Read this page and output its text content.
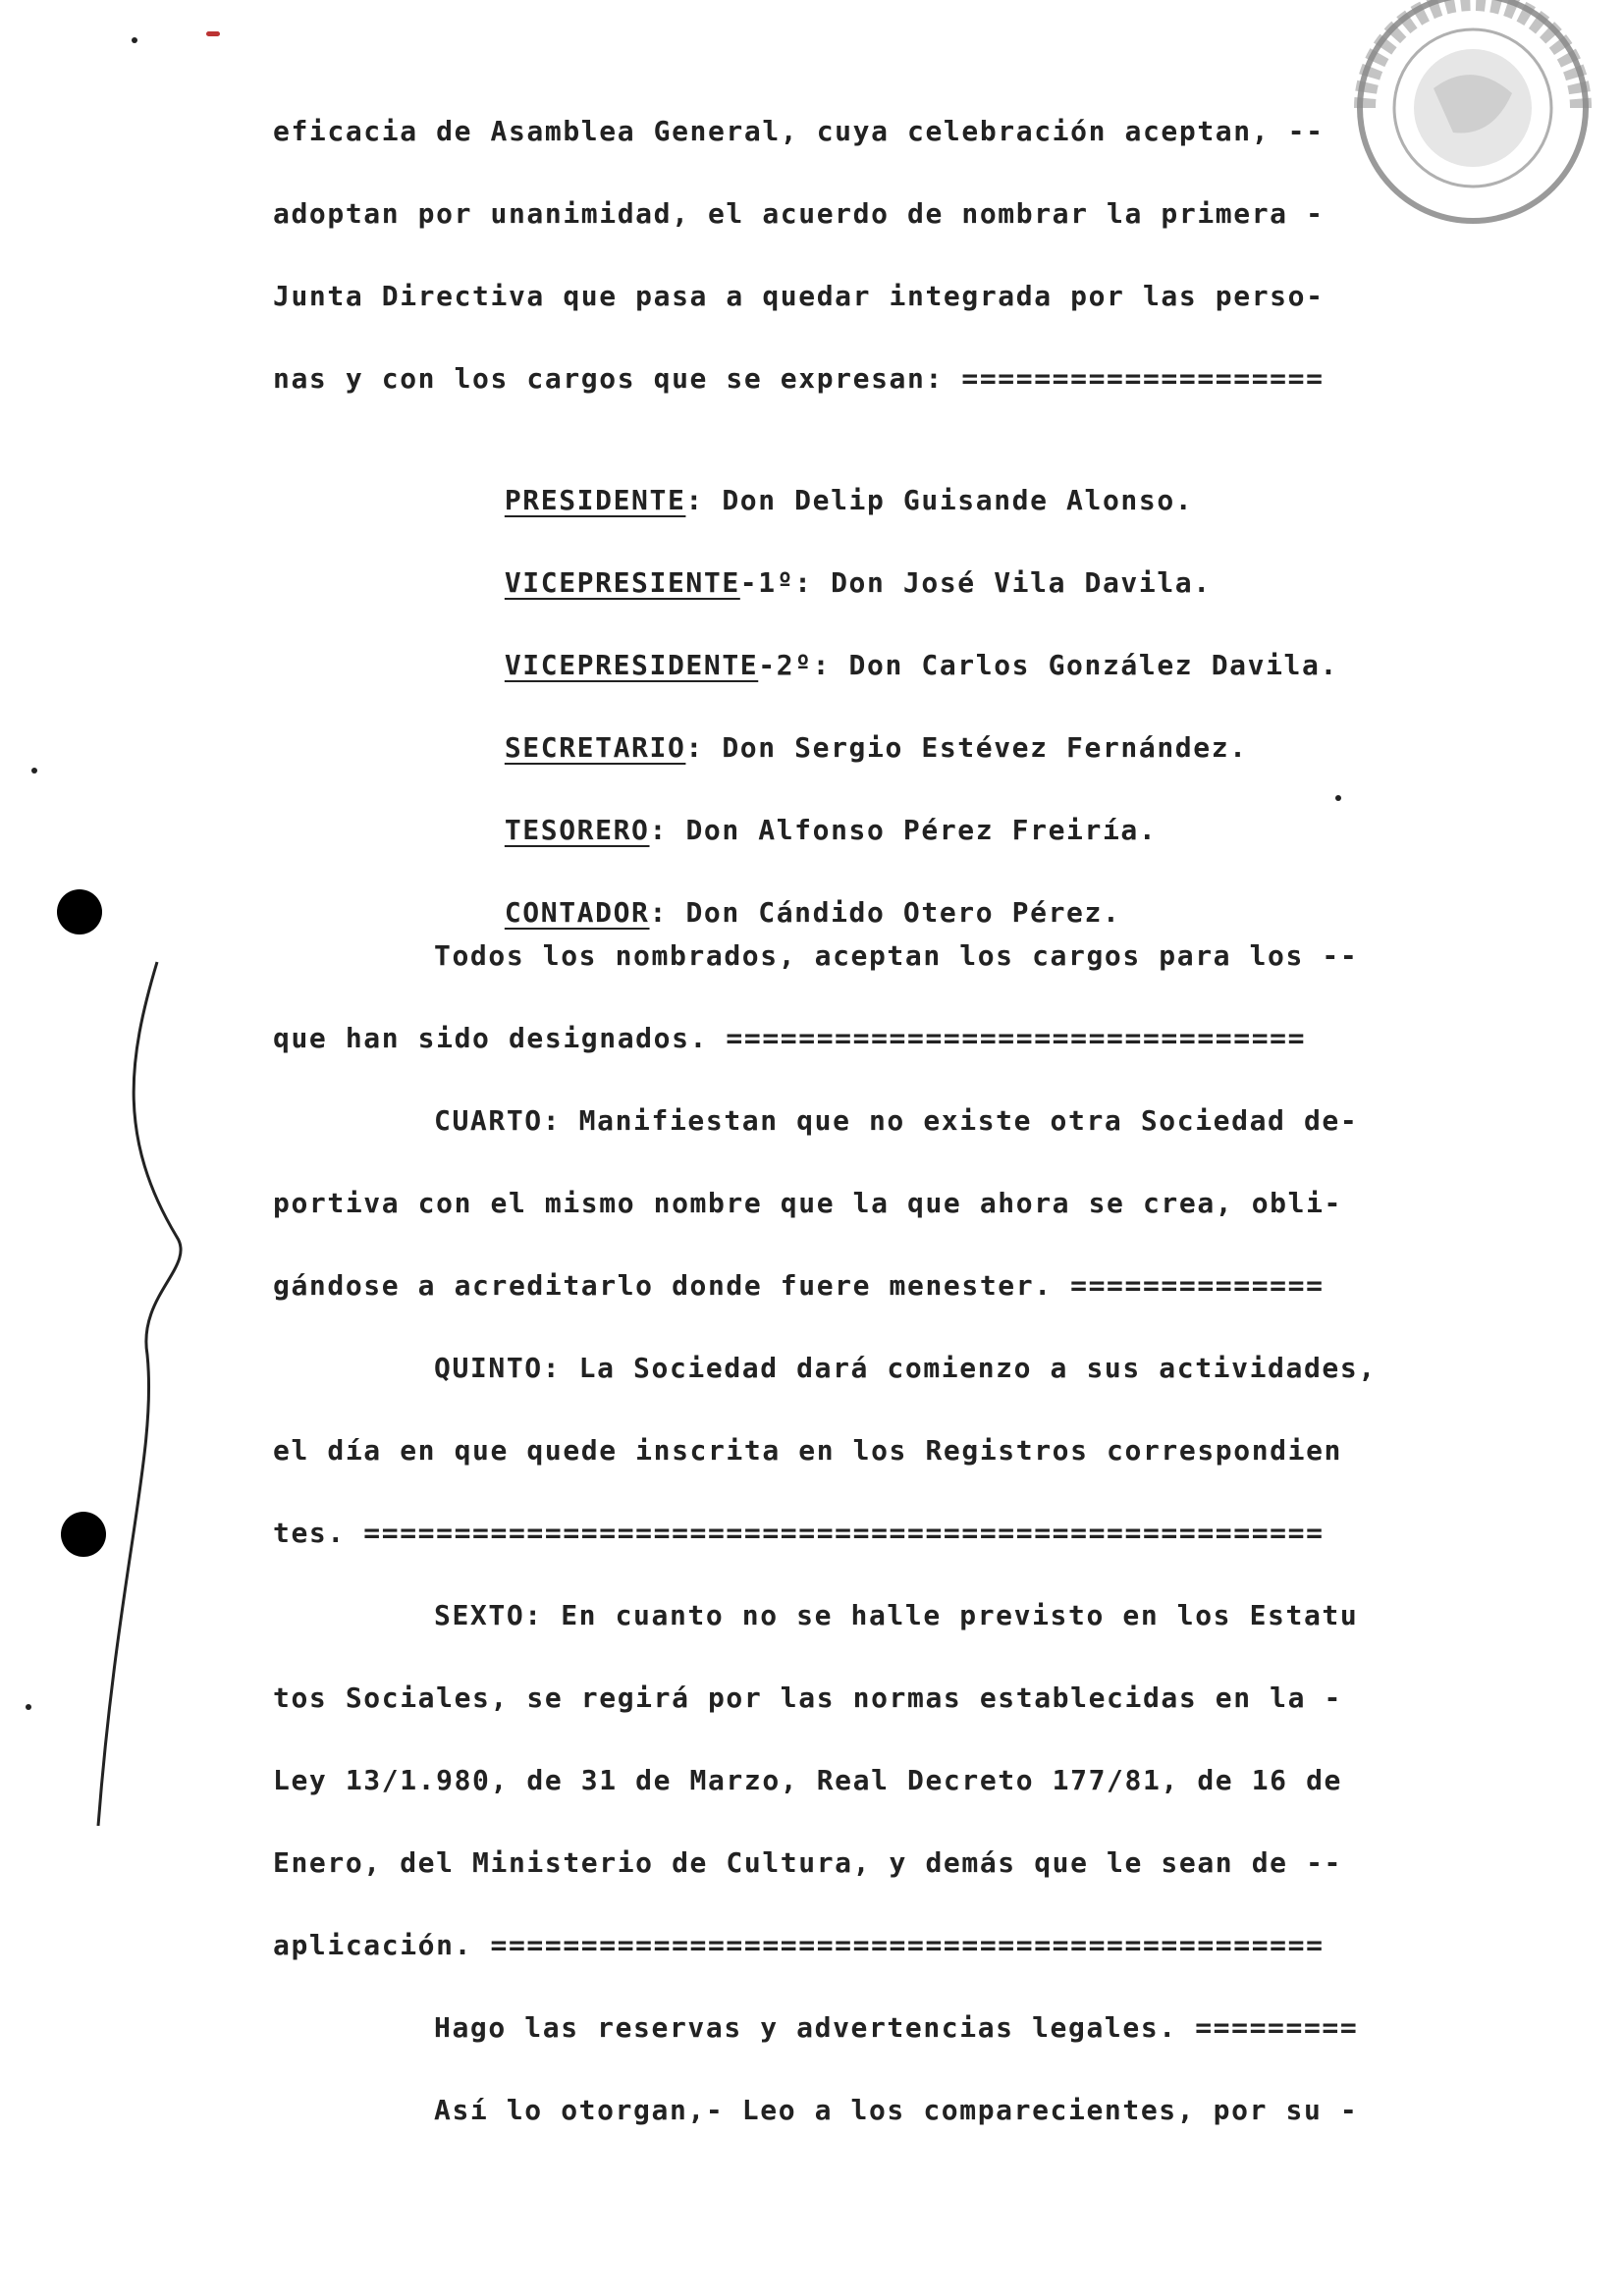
eficacia de Asamblea General, cuya celebración aceptan, --
adoptan por unanimidad, el acuerdo de nombrar la primera -
Junta Directiva que pasa a quedar integrada por las perso-
nas y con los cargos que se expresan: ====================

PRESIDENTE: Don Delip Guisande Alonso.

VICEPRESIENTE-1º: Don José Vila Davila.

VICEPRESIDENTE-2º: Don Carlos González Davila.

SECRETARIO: Don Sergio Estévez Fernández.

TESORERO: Don Alfonso Pérez Freiría.

CONTADOR: Don Cándido Otero Pérez.

Todos los nombrados, aceptan los cargos para los --
que han sido designados. ================================
CUARTO: Manifiestan que no existe otra Sociedad de-
portiva con el mismo nombre que la que ahora se crea, obli-
gándose a acreditarlo donde fuere menester. ==============
QUINTO: La Sociedad dará comienzo a sus actividades,
el día en que quede inscrita en los Registros correspondien
tes. =====================================================
SEXTO: En cuanto no se halle previsto en los Estatu
tos Sociales, se regirá por las normas establecidas en la -
Ley 13/1.980, de 31 de Marzo, Real Decreto 177/81, de 16 de
Enero, del Ministerio de Cultura, y demás que le sean de --
aplicación. ==============================================
Hago las reservas y advertencias legales. =========
Así lo otorgan,- Leo a los comparecientes, por su -
